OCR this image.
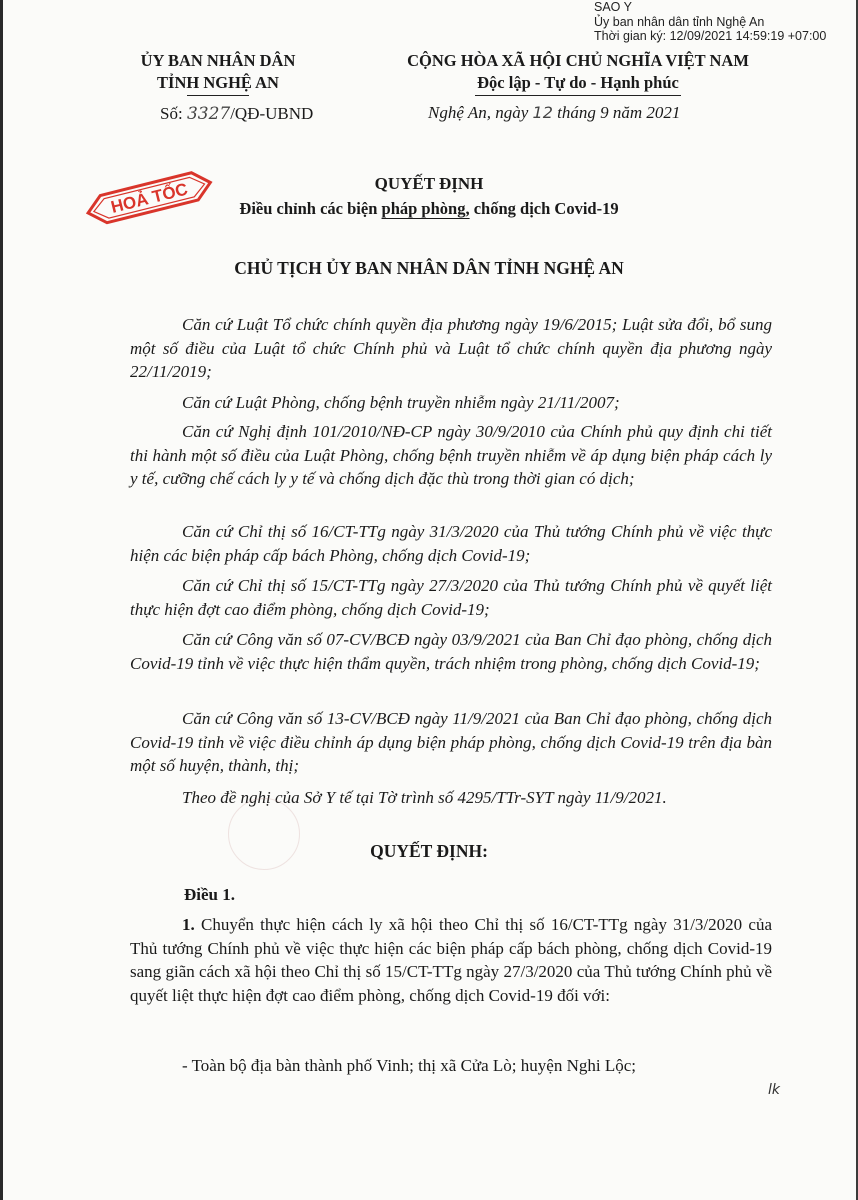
SAO Y
Ủy ban nhân dân tỉnh Nghệ An
Thời gian ký: 12/09/2021 14:59:19 +07:00
ỦY BAN NHÂN DÂN
TỈNH NGHỆ AN
CỘNG HÒA XÃ HỘI CHỦ NGHĨA VIỆT NAM
Độc lập - Tự do - Hạnh phúc
Số: 3327/QĐ-UBND	Nghệ An, ngày 12 tháng 9 năm 2021
HOẢ TỐC	QUYẾT ĐỊNH
Điều chỉnh các biện pháp phòng, chống dịch Covid-19
CHỦ TỊCH ỦY BAN NHÂN DÂN TỈNH NGHỆ AN
Căn cứ Luật Tổ chức chính quyền địa phương ngày 19/6/2015; Luật sửa đổi, bổ sung một số điều của Luật tổ chức Chính phủ và Luật tổ chức chính quyền địa phương ngày 22/11/2019;
Căn cứ Luật Phòng, chống bệnh truyền nhiễm ngày 21/11/2007;
Căn cứ Nghị định 101/2010/NĐ-CP ngày 30/9/2010 của Chính phủ quy định chi tiết thi hành một số điều của Luật Phòng, chống bệnh truyền nhiễm về áp dụng biện pháp cách ly y tế, cưỡng chế cách ly y tế và chống dịch đặc thù trong thời gian có dịch;
Căn cứ Chỉ thị số 16/CT-TTg ngày 31/3/2020 của Thủ tướng Chính phủ về việc thực hiện các biện pháp cấp bách Phòng, chống dịch Covid-19;
Căn cứ Chỉ thị số 15/CT-TTg ngày 27/3/2020 của Thủ tướng Chính phủ về quyết liệt thực hiện đợt cao điểm phòng, chống dịch Covid-19;
Căn cứ Công văn số 07-CV/BCĐ ngày 03/9/2021 của Ban Chỉ đạo phòng, chống dịch Covid-19 tỉnh về việc thực hiện thẩm quyền, trách nhiệm trong phòng, chống dịch Covid-19;
Căn cứ Công văn số 13-CV/BCĐ ngày 11/9/2021 của Ban Chỉ đạo phòng, chống dịch Covid-19 tỉnh về việc điều chỉnh áp dụng biện pháp phòng, chống dịch Covid-19 trên địa bàn một số huyện, thành, thị;
Theo đề nghị của Sở Y tế tại Tờ trình số 4295/TTr-SYT ngày 11/9/2021.
QUYẾT ĐỊNH:
Điều 1.
1. Chuyển thực hiện cách ly xã hội theo Chỉ thị số 16/CT-TTg ngày 31/3/2020 của Thủ tướng Chính phủ về việc thực hiện các biện pháp cấp bách phòng, chống dịch Covid-19 sang giãn cách xã hội theo Chỉ thị số 15/CT-TTg ngày 27/3/2020 của Thủ tướng Chính phủ về quyết liệt thực hiện đợt cao điểm phòng, chống dịch Covid-19 đối với:
- Toàn bộ địa bàn thành phố Vinh; thị xã Cửa Lò; huyện Nghi Lộc;
lk
